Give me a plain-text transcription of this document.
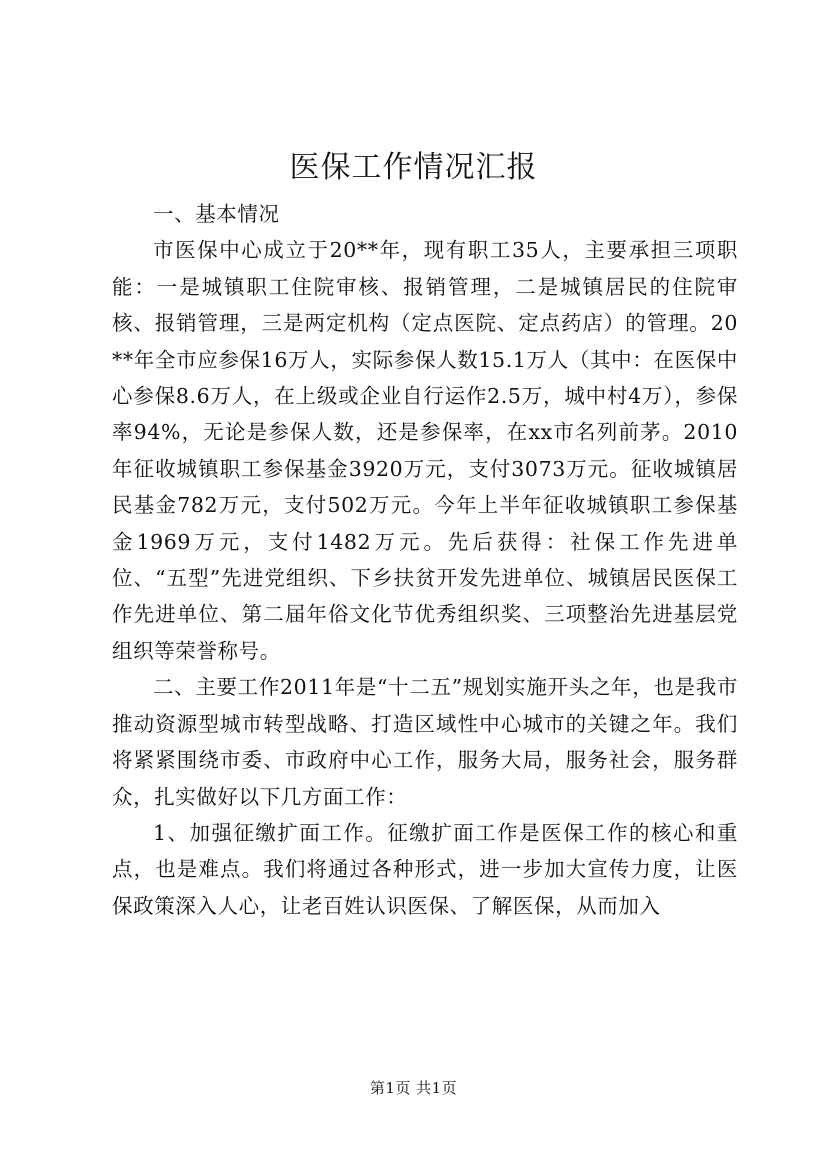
医保工作情况汇报

一、基本情况

市医保中心成立于20**年，现有职工35人，主要承担三项职能：一是城镇职工住院审核、报销管理，二是城镇居民的住院审核、报销管理，三是两定机构（定点医院、定点药店）的管理。20**年全市应参保16万人，实际参保人数15.1万人（其中：在医保中心参保8.6万人，在上级或企业自行运作2.5万，城中村4万），参保率94%，无论是参保人数，还是参保率，在xx市名列前茅。2010年征收城镇职工参保基金3920万元，支付3073万元。征收城镇居民基金782万元，支付502万元。今年上半年征收城镇职工参保基金1969万元，支付1482万元。先后获得：社保工作先进单位、“五型”先进党组织、下乡扶贫开发先进单位、城镇居民医保工作先进单位、第二届年俗文化节优秀组织奖、三项整治先进基层党组织等荣誉称号。

二、主要工作2011年是“十二五”规划实施开头之年，也是我市推动资源型城市转型战略、打造区域性中心城市的关键之年。我们将紧紧围绕市委、市政府中心工作，服务大局，服务社会，服务群众，扎实做好以下几方面工作：

1、加强征缴扩面工作。征缴扩面工作是医保工作的核心和重点，也是难点。我们将通过各种形式，进一步加大宣传力度，让医保政策深入人心，让老百姓认识医保、了解医保，从而加入

第1页 共1页
